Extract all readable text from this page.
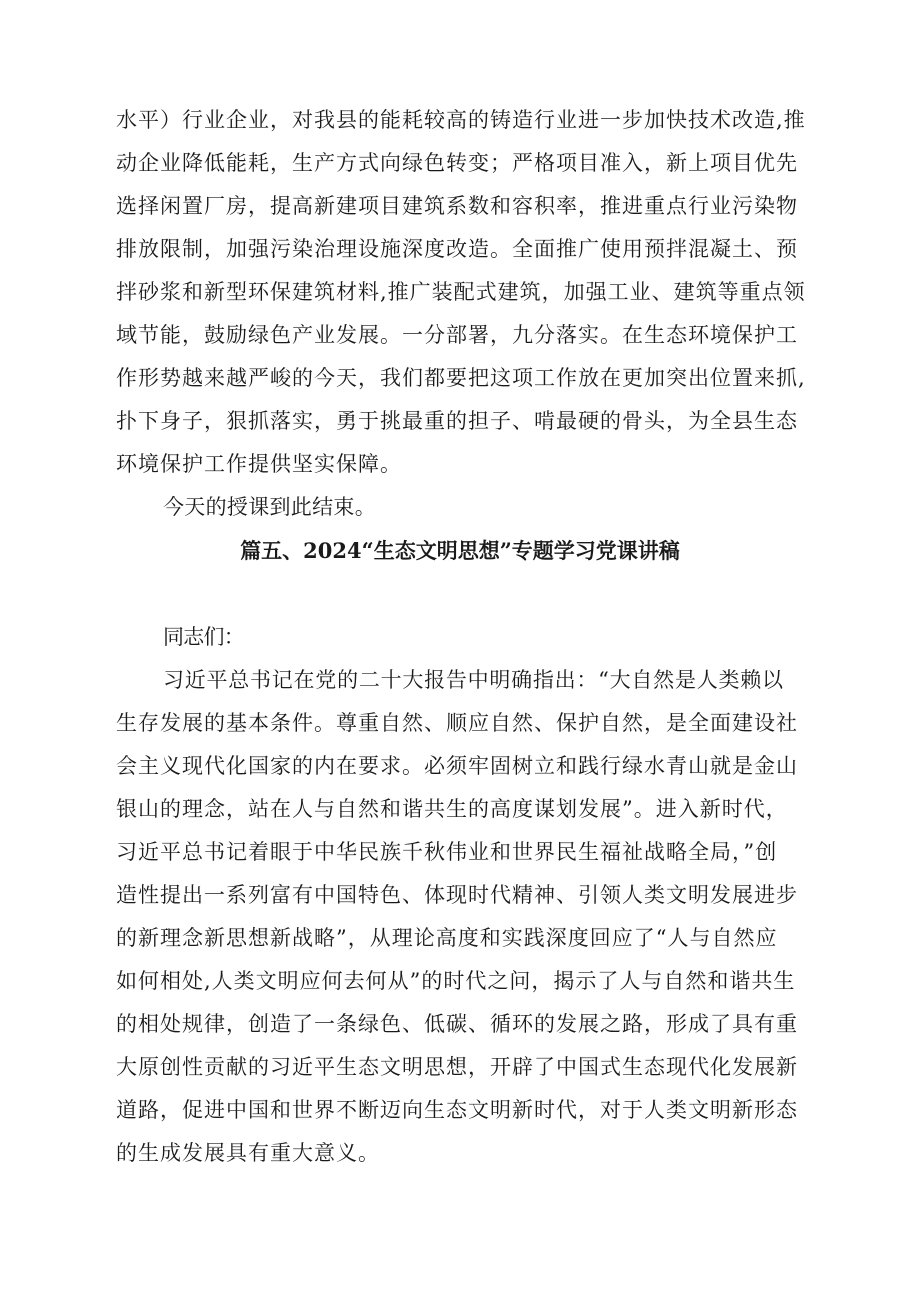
水平）行业企业，对我县的能耗较高的铸造行业进一步加快技术改造,推
动企业降低能耗，生产方式向绿色转变；严格项目准入，新上项目优先
选择闲置厂房，提高新建项目建筑系数和容积率，推进重点行业污染物
排放限制，加强污染治理设施深度改造。全面推广使用预拌混凝土、预
拌砂浆和新型环保建筑材料,推广装配式建筑，加强工业、建筑等重点领
域节能，鼓励绿色产业发展。一分部署，九分落实。在生态环境保护工
作形势越来越严峻的今天，我们都要把这项工作放在更加突出位置来抓,
扑下身子，狠抓落实，勇于挑最重的担子、啃最硬的骨头，为全县生态
环境保护工作提供坚实保障。
今天的授课到此结束。
篇五、2024“生态文明思想”专题学习党课讲稿
同志们：
习近平总书记在党的二十大报告中明确指出：“大自然是人类赖以
生存发展的基本条件。尊重自然、顺应自然、保护自然，是全面建设社
会主义现代化国家的内在要求。必须牢固树立和践行绿水青山就是金山
银山的理念，站在人与自然和谐共生的高度谋划发展”。进入新时代，
习近平总书记着眼于中华民族千秋伟业和世界民生福祉战略全局，”创
造性提出一系列富有中国特色、体现时代精神、引领人类文明发展进步
的新理念新思想新战略”，从理论高度和实践深度回应了“人与自然应
如何相处,人类文明应何去何从”的时代之问，揭示了人与自然和谐共生
的相处规律，创造了一条绿色、低碳、循环的发展之路，形成了具有重
大原创性贡献的习近平生态文明思想，开辟了中国式生态现代化发展新
道路，促进中国和世界不断迈向生态文明新时代，对于人类文明新形态
的生成发展具有重大意义。
